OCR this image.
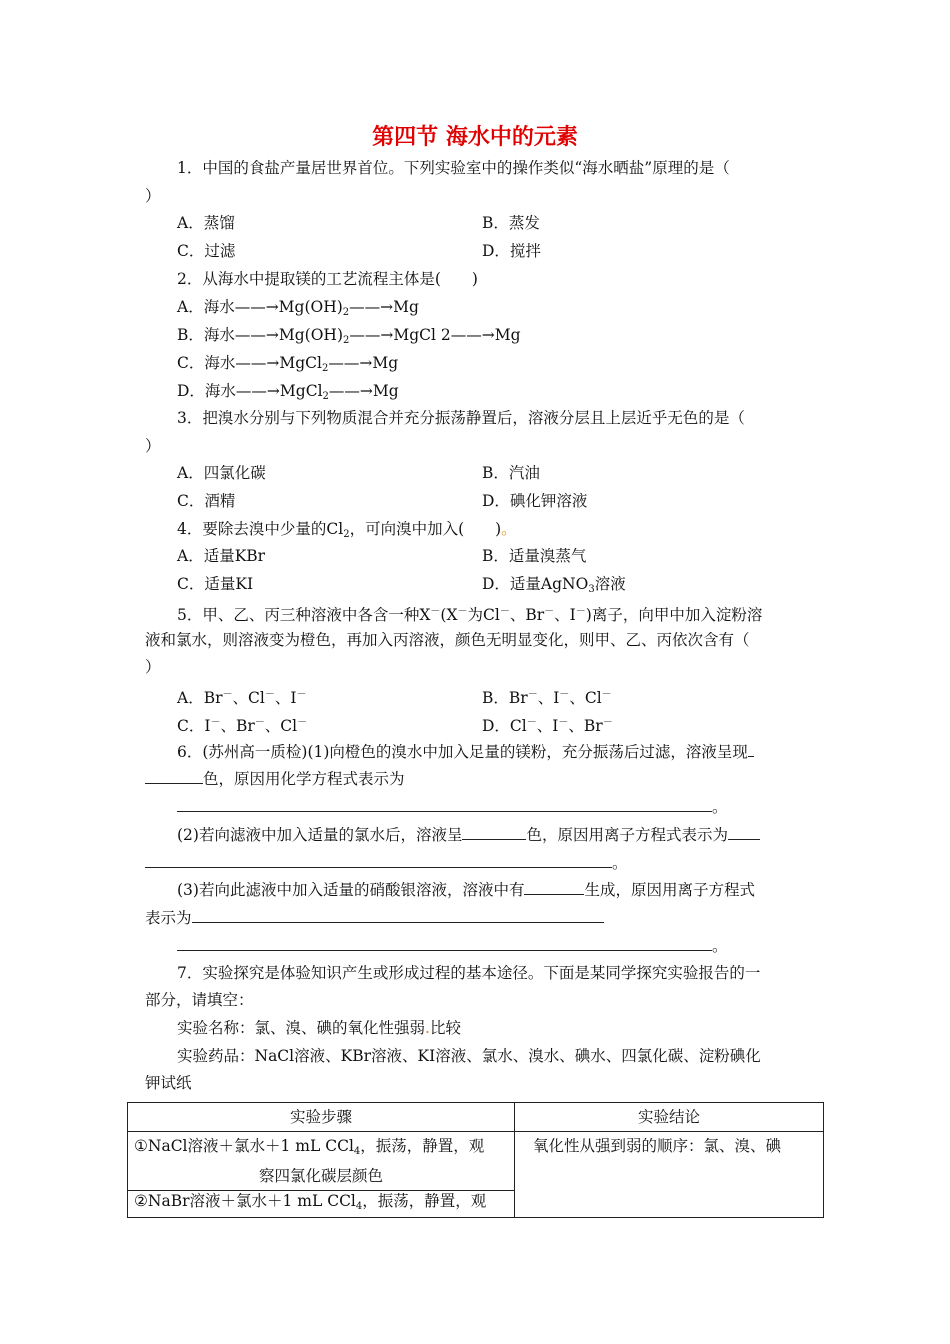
第四节 海水中的元素
1．中国的食盐产量居世界首位。下列实验室中的操作类似“海水晒盐”原理的是（
）
A．蒸馏	B．蒸发
C．过滤	D．搅拌
2．从海水中提取镁的工艺流程主体是(　　)
A．海水$——\to Mg(OH)_2——\to Mg$
B．海水$——\to Mg(OH)_2——\to MgCl$ 2——→Mg
C．海水——→MgCl$_2$——→Mg
D．海水——→MgCl$_2$——→Mg
3．把溴水分别与下列物质混合并充分振荡静置后，溶液分层且上层近乎无色的是（
）
A．四氯化碳	B．汽油
C．酒精	D．碘化钾溶液
4．要除去溴中少量的$Cl_2$，可向溴中加入(　　)。
A．适量KBr	B．适量溴蒸气
C．适量KI	D．适量AgNO$_3$溶液
5．甲、乙、丙三种溶液中各含一种X－(X－为Cl－、Br－、I－)离子，向甲中加入淀粉溶
液和氯水，则溶液变为橙色，再加入丙溶液，颜色无明显变化，则甲、乙、丙依次含有（
）
A．Br－、Cl－、I－	B．Br－、I－、Cl－
C．I－、Br－、Cl－	D．Cl－、I－、Br－
6．(苏州高一质检)(1)向橙色的溴水中加入足量的镁粉，充分振荡后过滤，溶液呈现
色，原因用化学方程式表示为
。
(2)若向滤液中加入适量的氯水后，溶液呈	色，原因用离子方程式表示为
。
(3)若向此滤液中加入适量的硝酸银溶液，溶液中有	生成，原因用离子方程式
表示为
。
7．实验探究是体验知识产生或形成过程的基本途径。下面是某同学探究实验报告的一
部分，请填空：
实验名称：氯、溴、碘的氧化性强弱.比较
实验药品：NaCl溶液、KBr溶液、KI溶液、氯水、溴水、碘水、四氯化碳、淀粉碘化
钾试纸
实验步骤	实验结论

①NaCl溶液＋氯水＋1 mL CCl$_4$，振荡，静置，观
察四氯化碳层颜色	氧化性从强到弱的顺序：氯、溴、碘
②NaBr溶液＋氯水＋1 mL CCl$_4$，振荡，静置，观	
